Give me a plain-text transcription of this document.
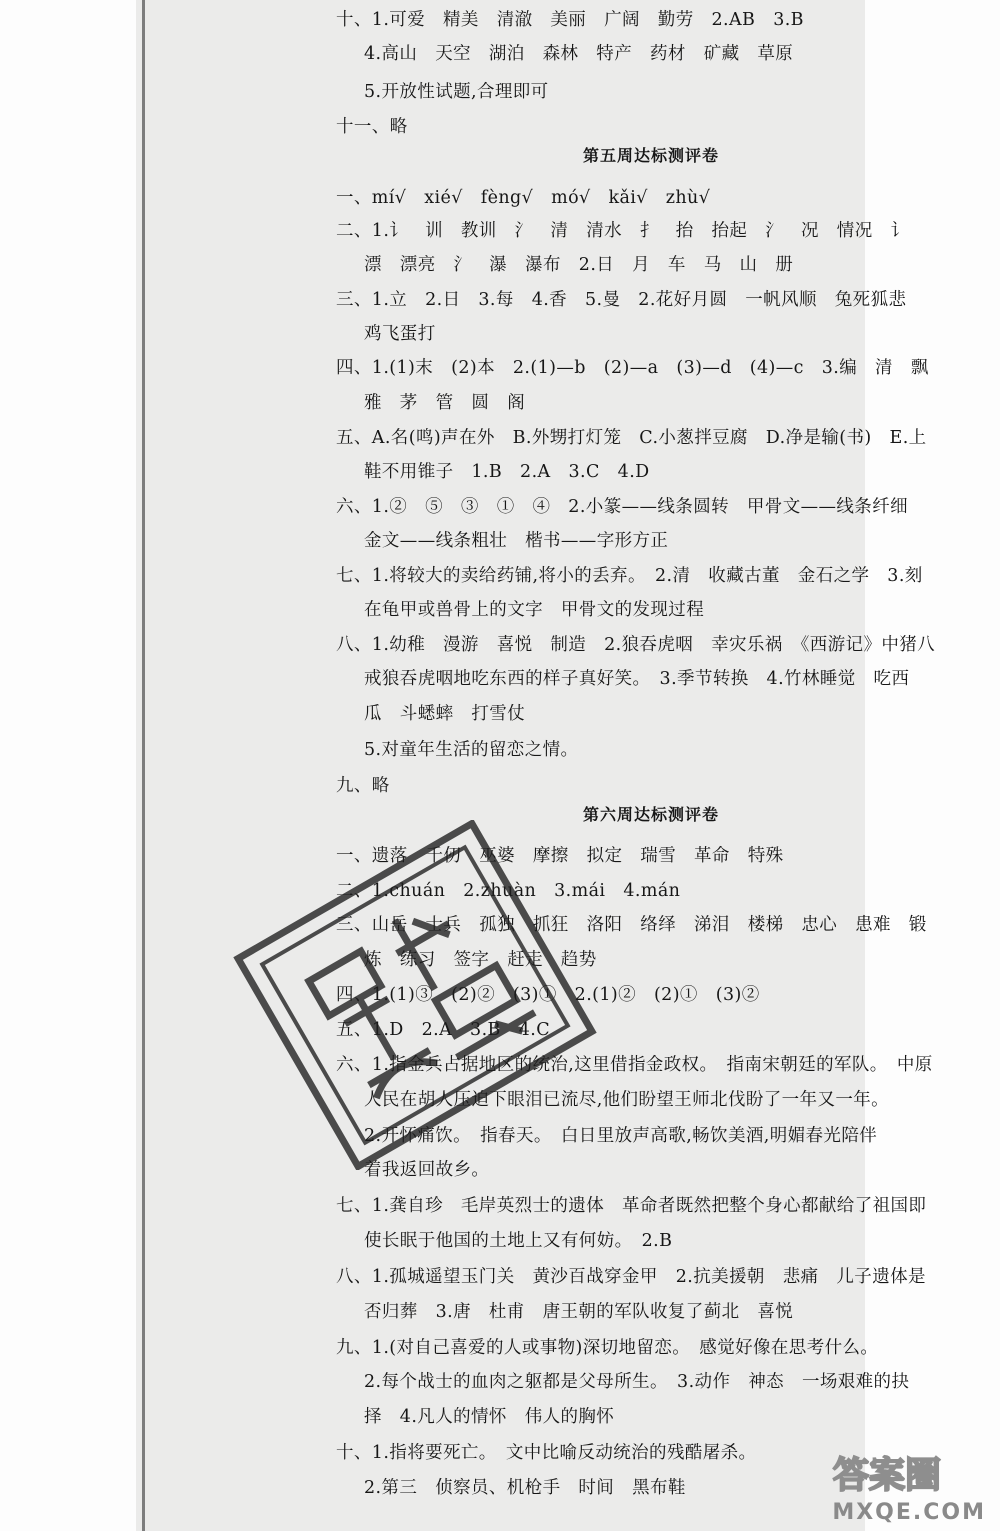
第五周达标测评卷
第六周达标测评卷
十、1.可爱　精美　清澈　美丽　广阔　勤劳　2.AB　3.B
4.高山　天空　湖泊　森林　特产　药材　矿藏　草原
5.开放性试题,合理即可
十一、略
一、mí√　xié√　fèng√　mó√　kǎi√　zhù√
二、1.讠　训　教训　氵　清　清水　扌　抬　抬起　氵　况　情况　讠
漂　漂亮　氵　瀑　瀑布　2.日　月　车　马　山　册
三、1.立　2.日　3.每　4.香　5.曼　2.花好月圆　一帆风顺　兔死狐悲
鸡飞蛋打
四、1.(1)末　(2)本　2.(1)—b　(2)—a　(3)—d　(4)—c　3.编　清　飘
雅　茅　管　圆　阁
五、A.名(鸣)声在外　B.外甥打灯笼　C.小葱拌豆腐　D.净是输(书)　E.上
鞋不用锥子　1.B　2.A　3.C　4.D
六、1.②　⑤　③　①　④　2.小篆——线条圆转　甲骨文——线条纤细
金文——线条粗壮　楷书——字形方正
七、1.将较大的卖给药铺,将小的丢弃。　2.清　收藏古董　金石之学　3.刻
在龟甲或兽骨上的文字　甲骨文的发现过程
八、1.幼稚　漫游　喜悦　制造　2.狼吞虎咽　幸灾乐祸　《西游记》中猪八
戒狼吞虎咽地吃东西的样子真好笑。　3.季节转换　4.竹林睡觉　吃西
瓜　斗蟋蟀　打雪仗
5.对童年生活的留恋之情。
九、略
一、遗落　千仞　巫婆　摩擦　拟定　瑞雪　革命　特殊
二、1.chuán　2.zhuàn　3.mái　4.mán
三、山岳　士兵　孤独　抓狂　洛阳　络绎　涕泪　楼梯　忠心　患难　锻
炼　练习　签字　赶走　趋势
四、1.(1)③　(2)②　(3)①　2.(1)②　(2)①　(3)②
五、1.D　2.A　3.B　4.C
六、1.指金兵占据地区的统治,这里借指金政权。　指南宋朝廷的军队。　中原
人民在胡人压迫下眼泪已流尽,他们盼望王师北伐盼了一年又一年。
2.开怀痛饮。　指春天。　白日里放声高歌,畅饮美酒,明媚春光陪伴
着我返回故乡。
七、1.龚自珍　毛岸英烈士的遗体　革命者既然把整个身心都献给了祖国即
使长眠于他国的土地上又有何妨。　2.B
八、1.孤城遥望玉门关　黄沙百战穿金甲　2.抗美援朝　悲痛　儿子遗体是
否归葬　3.唐　杜甫　唐王朝的军队收复了蓟北　喜悦
九、1.(对自己喜爱的人或事物)深切地留恋。　感觉好像在思考什么。
2.每个战士的血肉之躯都是父母所生。　3.动作　神态　一场艰难的抉
择　4.凡人的情怀　伟人的胸怀
十、1.指将要死亡。　文中比喻反动统治的残酷屠杀。
2.第三　侦察员、机枪手　时间　黑布鞋	答案圈
MXQE.COM
